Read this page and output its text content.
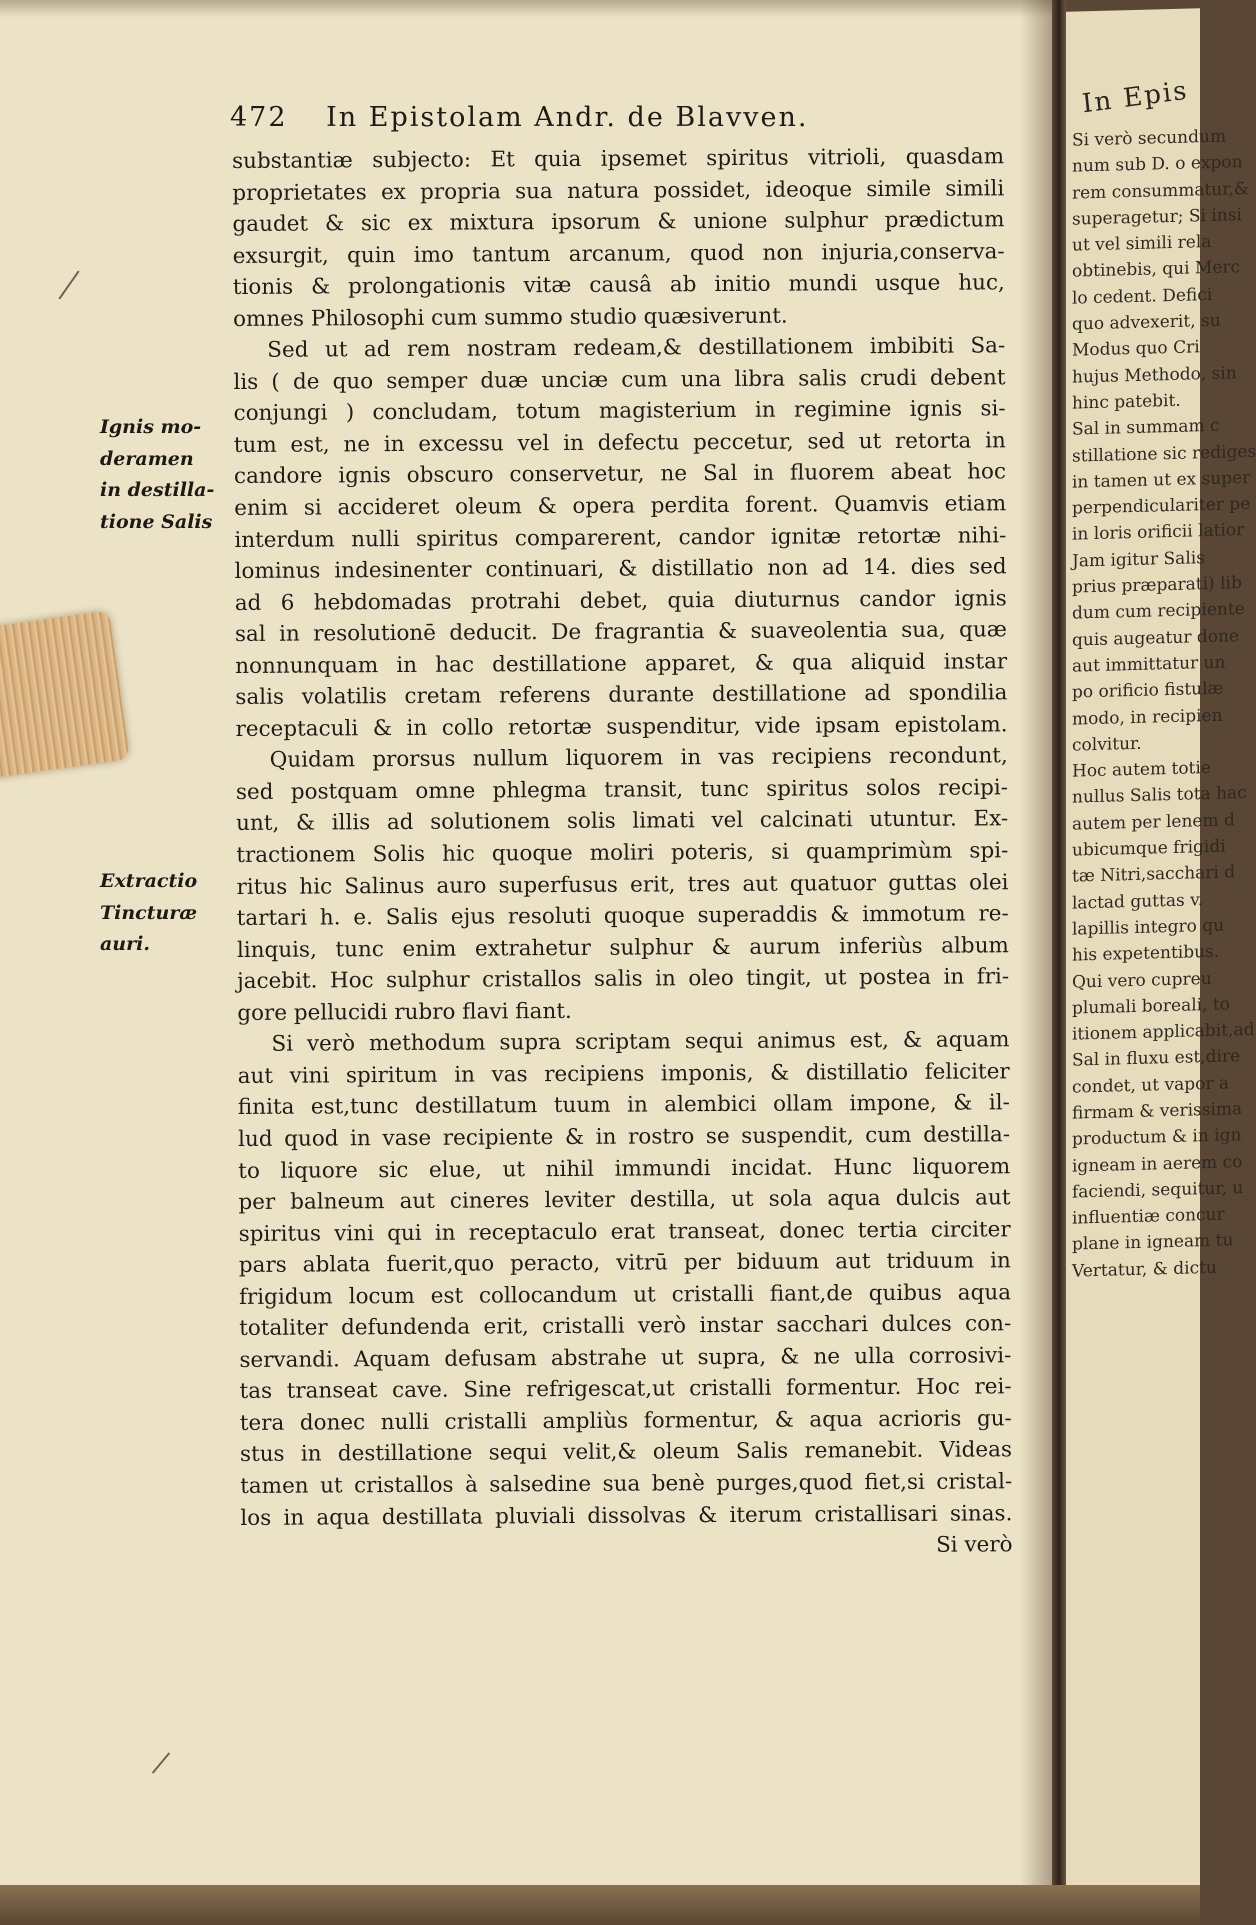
472 In Epistolam Andr. de Blavven.
Ignis mo-
deramen
in destilla-
tione Salis
Extractio
Tincturæ
auri.
substantiæ subjecto: Et quia ipsemet spiritus vitrioli, quasdam
proprietates ex propria sua natura possidet, ideoque simile simili
gaudet & sic ex mixtura ipsorum & unione sulphur prædictum
exsurgit, quin imo tantum arcanum, quod non injuria,conserva-
tionis & prolongationis vitæ causâ ab initio mundi usque huc,
omnes Philosophi cum summo studio quæsiverunt.
Sed ut ad rem nostram redeam,& destillationem imbibiti Sa-
lis ( de quo semper duæ unciæ cum una libra salis crudi debent
conjungi ) concludam, totum magisterium in regimine ignis si-
tum est, ne in excessu vel in defectu peccetur, sed ut retorta in
candore ignis obscuro conservetur, ne Sal in fluorem abeat hoc
enim si accideret oleum & opera perdita forent. Quamvis etiam
interdum nulli spiritus comparerent, candor ignitæ retortæ nihi-
lominus indesinenter continuari, & distillatio non ad 14. dies sed
ad 6 hebdomadas protrahi debet, quia diuturnus candor ignis
sal in resolutionē deducit. De fragrantia & suaveolentia sua, quæ
nonnunquam in hac destillatione apparet, & qua aliquid instar
salis volatilis cretam referens durante destillatione ad spondilia
receptaculi & in collo retortæ suspenditur, vide ipsam epistolam.
Quidam prorsus nullum liquorem in vas recipiens recondunt,
sed postquam omne phlegma transit, tunc spiritus solos recipi-
unt, & illis ad solutionem solis limati vel calcinati utuntur. Ex-
tractionem Solis hic quoque moliri poteris, si quamprimùm spi-
ritus hic Salinus auro superfusus erit, tres aut quatuor guttas olei
tartari h. e. Salis ejus resoluti quoque superaddis & immotum re-
linquis, tunc enim extrahetur sulphur & aurum inferiùs album
jacebit. Hoc sulphur cristallos salis in oleo tingit, ut postea in fri-
gore pellucidi rubro flavi fiant.
Si verò methodum supra scriptam sequi animus est, & aquam
aut vini spiritum in vas recipiens imponis, & distillatio feliciter
finita est,tunc destillatum tuum in alembici ollam impone, & il-
lud quod in vase recipiente & in rostro se suspendit, cum destilla-
to liquore sic elue, ut nihil immundi incidat. Hunc liquorem
per balneum aut cineres leviter destilla, ut sola aqua dulcis aut
spiritus vini qui in receptaculo erat transeat, donec tertia circiter
pars ablata fuerit,quo peracto, vitrū per biduum aut triduum in
frigidum locum est collocandum ut cristalli fiant,de quibus aqua
totaliter defundenda erit, cristalli verò instar sacchari dulces con-
servandi. Aquam defusam abstrahe ut supra, & ne ulla corrosivi-
tas transeat cave. Sine refrigescat,ut cristalli formentur. Hoc rei-
tera donec nulli cristalli ampliùs formentur, & aqua acrioris gu-
stus in destillatione sequi velit,& oleum Salis remanebit. Videas
tamen ut cristallos à salsedine sua benè purges,quod fiet,si cristal-
los in aqua destillata pluviali dissolvas & iterum cristallisari sinas.
Si verò
In Epis
Si verò secundum
num sub D. o expon
rem consummatur,&
superagetur; Si insi
ut vel simili rela
obtinebis, qui Merc
lo cedent. Defici
quo advexerit, su
Modus quo Cri
hujus Methodo, sin
hinc patebit.
Sal in summam c
stillatione sic rediges
in tamen ut ex super
perpendiculariter pe
in loris orificii latior
Jam igitur Salis
prius præparati) lib
dum cum recipiente
quis augeatur done
aut immittatur un
po orificio fistulæ
modo, in recipien
colvitur.
Hoc autem totie
nullus Salis tota hac
autem per lenem d
ubicumque frigidi
tæ Nitri,sacchari d
lactad guttas v.
lapillis integro qu
his expetentibus.
Qui vero cupreu
plumali boreali, to
itionem applicabit,ad
Sal in fluxu est,dire
condet, ut vapor a
firmam & verissima
productum & in ign
igneam in aerem co
faciendi, sequitur, u
influentiæ concur
plane in igneam tu
Vertatur, & dictu
